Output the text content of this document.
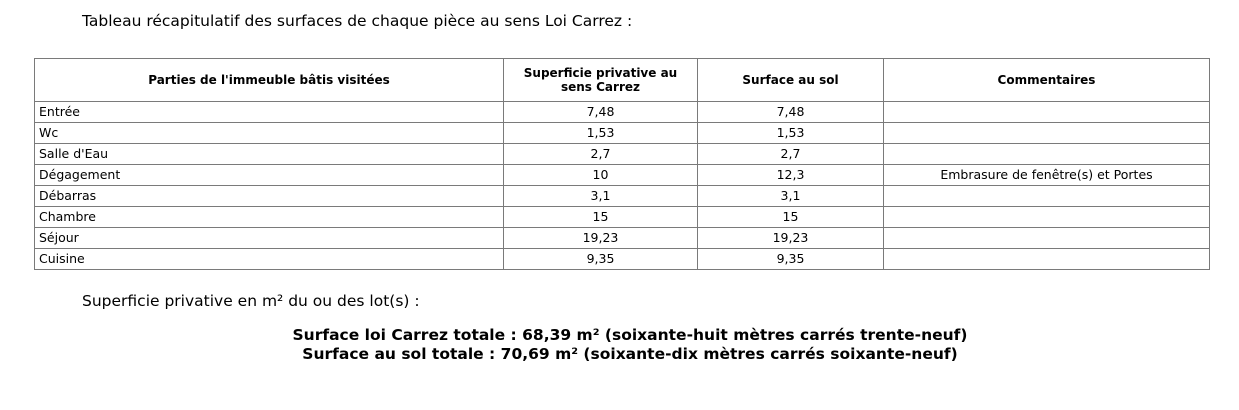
Tableau récapitulatif des surfaces de chaque pièce au sens Loi Carrez :
Parties de l'immeuble bâtis visitées	Superficie privative au sens Carrez	Surface au sol	Commentaires
Entrée	7,48	7,48	
Wc	1,53	1,53	
Salle d'Eau	2,7	2,7	
Dégagement	10	12,3	Embrasure de fenêtre(s) et Portes
Débarras	3,1	3,1	
Chambre	15	15	
Séjour	19,23	19,23	
Cuisine	9,35	9,35	
Superficie privative en m² du ou des lot(s) :
Surface loi Carrez totale : 68,39 m² (soixante-huit mètres carrés trente-neuf)
Surface au sol totale : 70,69 m² (soixante-dix mètres carrés soixante-neuf)
